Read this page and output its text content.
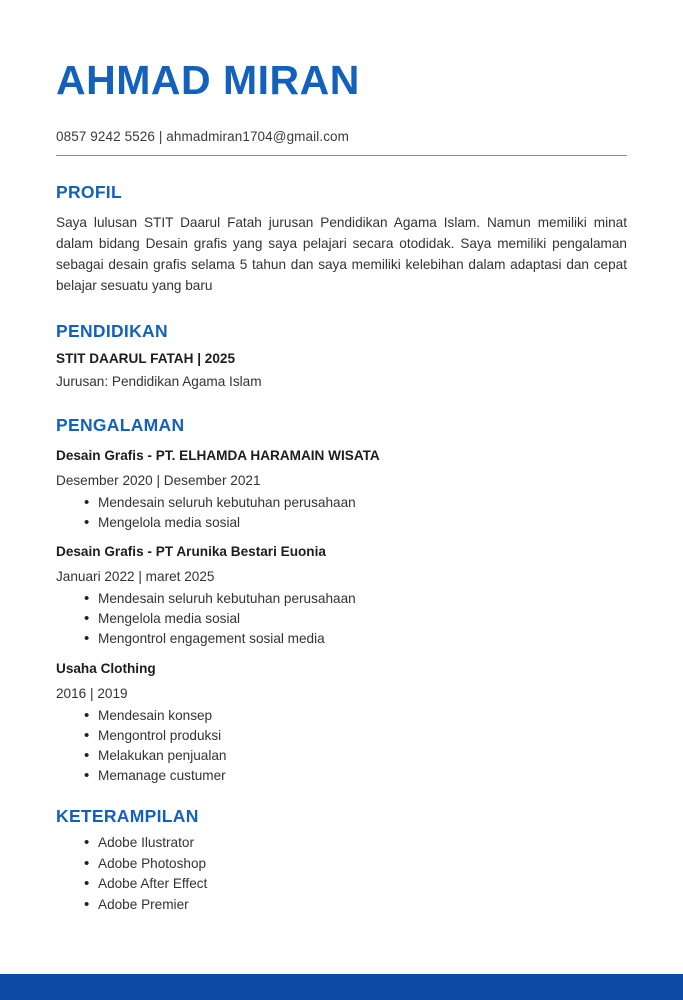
AHMAD MIRAN

0857 9242 5526 | ahmadmiran1704@gmail.com

PROFIL

Saya lulusan STIT Daarul Fatah jurusan Pendidikan Agama Islam. Namun memiliki minat dalam bidang Desain grafis yang saya pelajari secara otodidak. Saya memiliki pengalaman sebagai desain grafis selama 5 tahun dan saya memiliki kelebihan dalam adaptasi dan cepat belajar sesuatu yang baru

PENDIDIKAN

STIT DAARUL FATAH | 2025

Jurusan: Pendidikan Agama Islam

PENGALAMAN

Desain Grafis - PT. ELHAMDA HARAMAIN WISATA

Desember 2020 | Desember 2021

• Mendesain seluruh kebutuhan perusahaan
• Mengelola media sosial

Desain Grafis - PT Arunika Bestari Euonia

Januari 2022 | maret 2025

• Mendesain seluruh kebutuhan perusahaan
• Mengelola media sosial
• Mengontrol engagement sosial media

Usaha Clothing

2016 | 2019

• Mendesain konsep
• Mengontrol produksi
• Melakukan penjualan
• Memanage custumer
KETERAMPILAN
• Adobe Ilustrator
• Adobe Photoshop
• Adobe After Effect
• Adobe Premier
